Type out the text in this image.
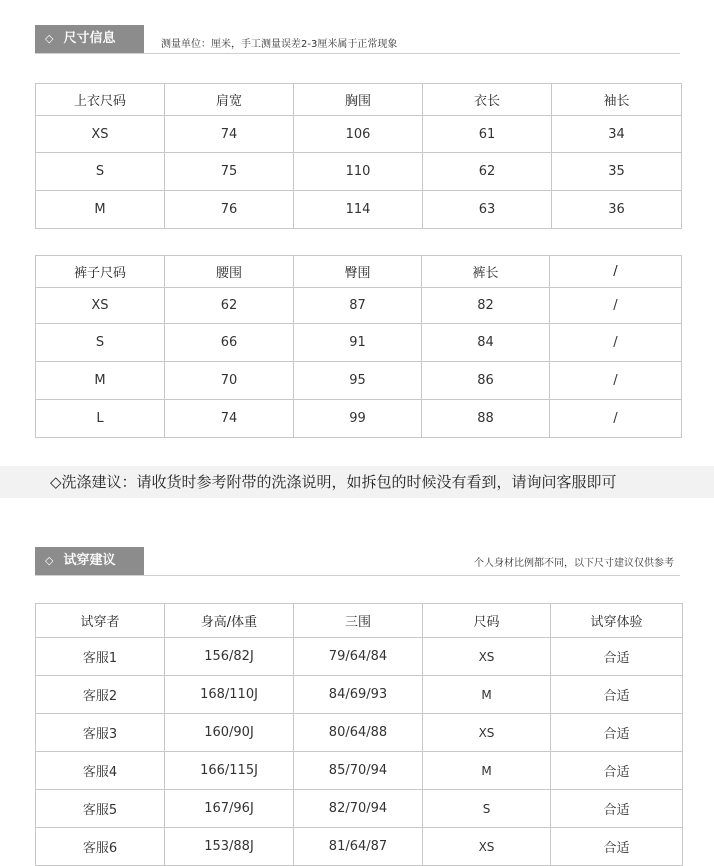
◇ 尺寸信息	测量单位：厘米，手工测量误差2-3厘米属于正常现象
上衣尺码	肩宽	胸围	衣长	袖长
XS	74	106	61	34
S	75	110	62	35
M	76	114	63	36
裤子尺码	腰围	臀围	裤长	/
XS	62	87	82	/
S	66	91	84	/
M	70	95	86	/
L	74	99	88	/
◇洗涤建议：请收货时参考附带的洗涤说明，如拆包的时候没有看到，请询问客服即可
◇ 试穿建议	个人身材比例都不同，以下尺寸建议仅供参考
试穿者	身高/体重	三围	尺码	试穿体验
客服1	156/82J	79/64/84	XS	合适
客服2	168/110J	84/69/93	M	合适
客服3	160/90J	80/64/88	XS	合适
客服4	166/115J	85/70/94	M	合适
客服5	167/96J	82/70/94	S	合适
客服6	153/88J	81/64/87	XS	合适
